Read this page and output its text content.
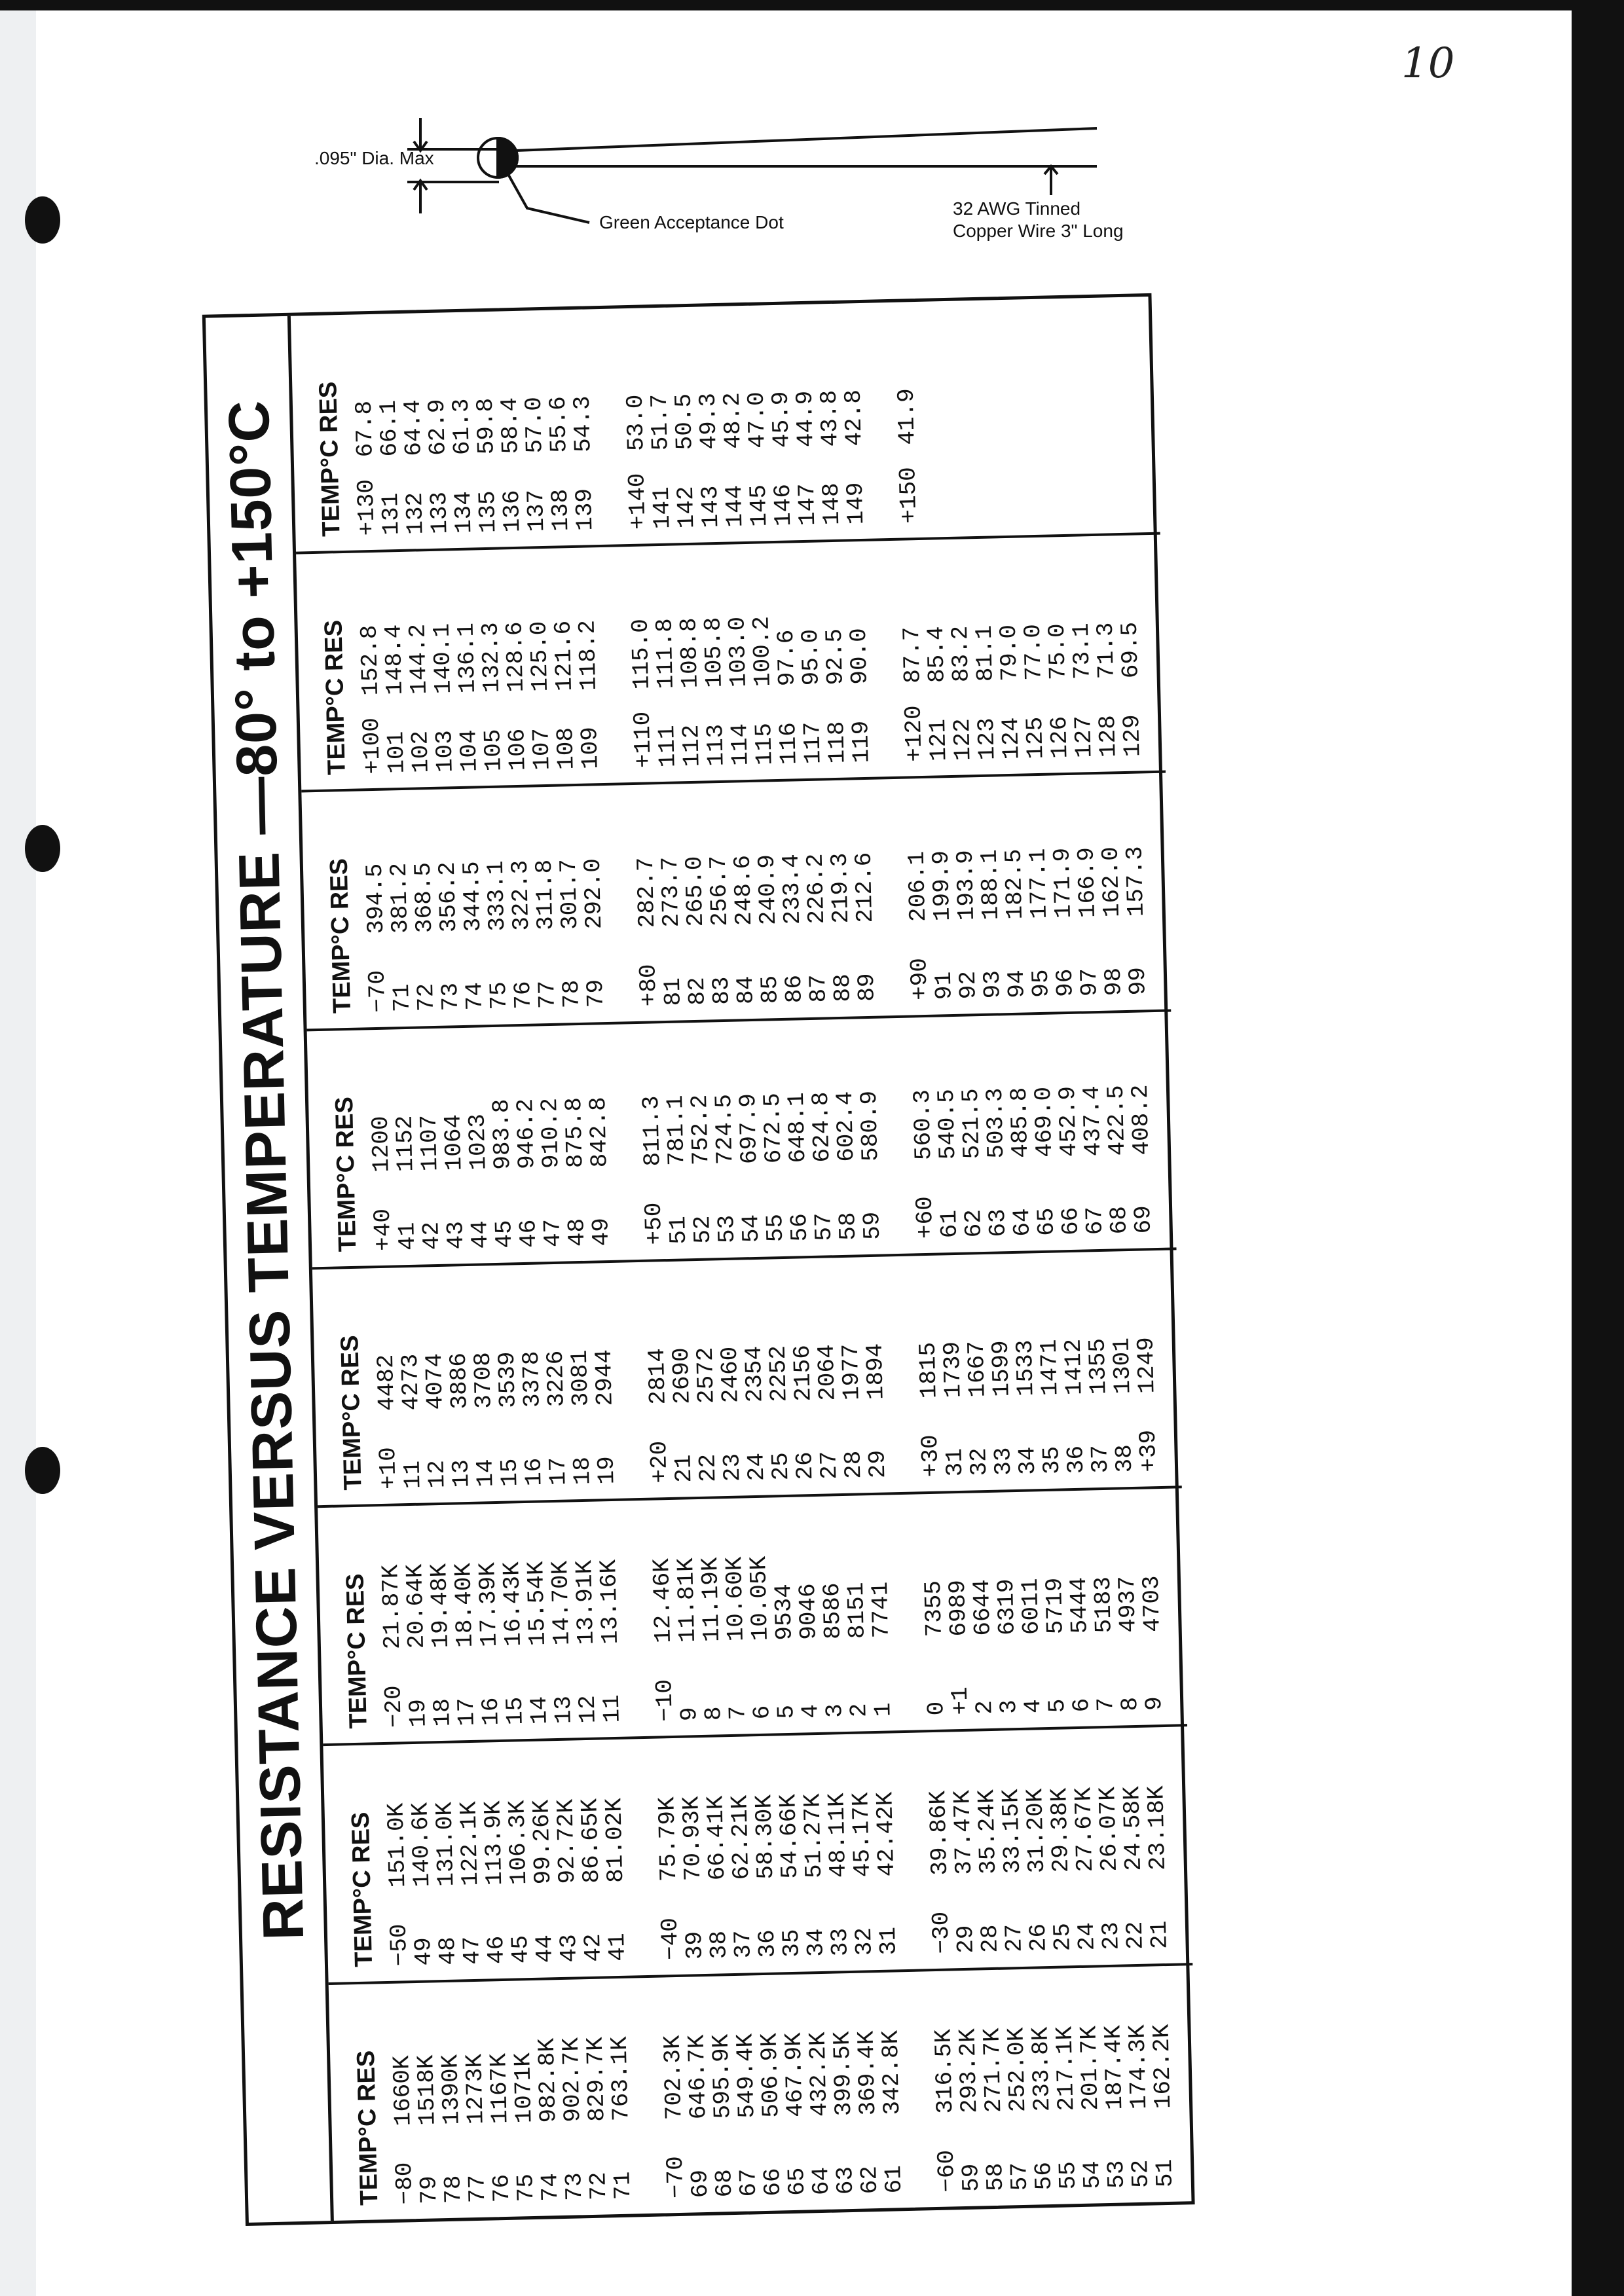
10
.095" Dia. Max
Green Acceptance Dot
32 AWG Tinned Copper Wire 3" Long
RESISTANCE VERSUS TEMPERATURE —80° to +150°C
TEMP°C RES −80
1660K
79
1518K
78
1390K
77
1273K
76
1167K
75
1071K
74
982.8K
73
902.7K
72
829.7K
71
763.1K
−70
702.3K
69
646.7K
68
595.9K
67
549.4K
66
506.9K
65
467.9K
64
432.2K
63
399.5K
62
369.4K
61
342.8K
−60
316.5K
59
293.2K
58
271.7K
57
252.0K
56
233.8K
55
217.1K
54
201.7K
53
187.4K
52
174.3K
51
162.2K
TEMP°C RES −50
151.0K
49
140.6K
48
131.0K
47
122.1K
46
113.9K
45
106.3K
44
99.26K
43
92.72K
42
86.65K
41
81.02K
−40
75.79K
39
70.93K
38
66.41K
37
62.21K
36
58.30K
35
54.66K
34
51.27K
33
48.11K
32
45.17K
31
42.42K
−30
39.86K
29
37.47K
28
35.24K
27
33.15K
26
31.20K
25
29.38K
24
27.67K
23
26.07K
22
24.58K
21
23.18K
TEMP°C RES −20
21.87K
19
20.64K
18
19.48K
17
18.40K
16
17.39K
15
16.43K
14
15.54K
13
14.70K
12
13.91K
11
13.16K
−10
12.46K
9
11.81K
8
11.19K
7
10.60K
6
10.05K
5
9534
4
9046
3
8586
2
8151
1
7741
0
7355
+1
6989
2
6644
3
6319
4
6011
5
5719
6
5444
7
5183
8
4937
9
4703
TEMP°C RES +10
4482
11
4273
12
4074
13
3886
14
3708
15
3539
16
3378
17
3226
18
3081
19
2944
+20
2814
21
2690
22
2572
23
2460
24
2354
25
2252
26
2156
27
2064
28
1977
29
1894
+30
1815
31
1739
32
1667
33
1599
34
1533
35
1471
36
1412
37
1355
38
1301
+39
1249
TEMP°C RES +40
1200
41
1152
42
1107
43
1064
44
1023
45
983.8
46
946.2
47
910.2
48
875.8
49
842.8
+50
811.3
51
781.1
52
752.2
53
724.5
54
697.9
55
672.5
56
648.1
57
624.8
58
602.4
59
580.9
+60
560.3
61
540.5
62
521.5
63
503.3
64
485.8
65
469.0
66
452.9
67
437.4
68
422.5
69
408.2
TEMP°C RES −70
394.5
71
381.2
72
368.5
73
356.2
74
344.5
75
333.1
76
322.3
77
311.8
78
301.7
79
292.0
+80
282.7
81
273.7
82
265.0
83
256.7
84
248.6
85
240.9
86
233.4
87
226.2
88
219.3
89
212.6
+90
206.1
91
199.9
92
193.9
93
188.1
94
182.5
95
177.1
96
171.9
97
166.9
98
162.0
99
157.3
TEMP°C RES +100
152.8
101
148.4
102
144.2
103
140.1
104
136.1
105
132.3
106
128.6
107
125.0
108
121.6
109
118.2
+110
115.0
111
111.8
112
108.8
113
105.8
114
103.0
115
100.2
116
97.6
117
95.0
118
92.5
119
90.0
+120
87.7
121
85.4
122
83.2
123
81.1
124
79.0
125
77.0
126
75.0
127
73.1
128
71.3
129
69.5
TEMP°C RES +130
67.8
131
66.1
132
64.4
133
62.9
134
61.3
135
59.8
136
58.4
137
57.0
138
55.6
139
54.3
+140
53.0
141
51.7
142
50.5
143
49.3
144
48.2
145
47.0
146
45.9
147
44.9
148
43.8
149
42.8
+150
41.9
